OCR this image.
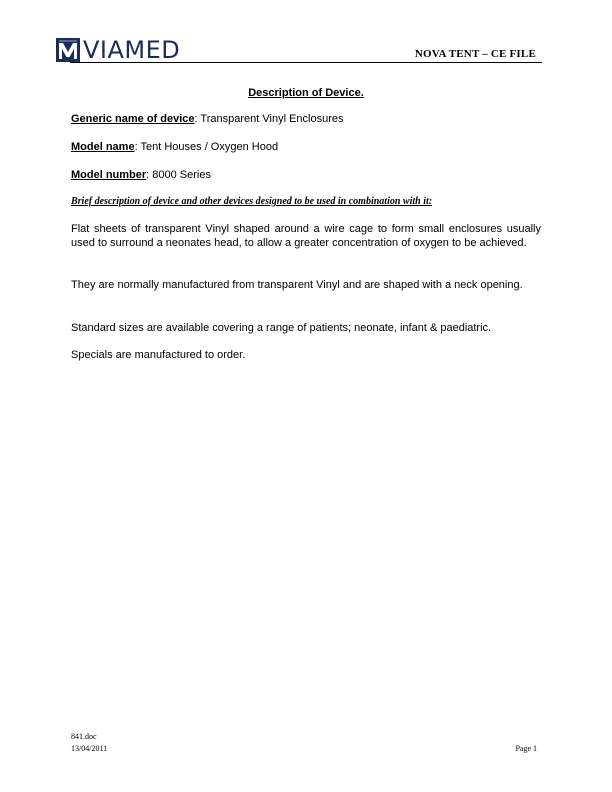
VIAMED	NOVA TENT – CE FILE
Description of Device.
Generic name of device: Transparent Vinyl Enclosures
Model name: Tent Houses / Oxygen Hood
Model number: 8000 Series
Brief description of device and other devices designed to be used in combination with it:

Flat sheets of transparent Vinyl shaped around a wire cage to form small enclosures usually used to surround a neonates head, to allow a greater concentration of oxygen to be achieved.

They are normally manufactured from transparent Vinyl and are shaped with a neck opening.

Standard sizes are available covering a range of patients; neonate, infant & paediatric.

Specials are manufactured to order.

841.doc
13/04/2011	Page 1
